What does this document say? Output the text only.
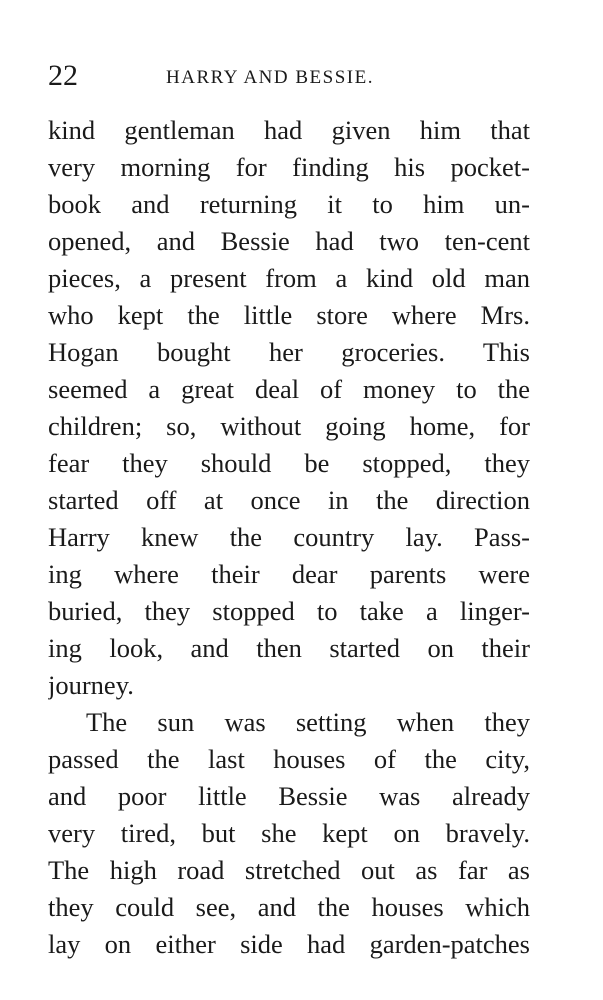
22	HARRY AND BESSIE.
kind gentleman had given him that
very morning for finding his pocket-
book and returning it to him un-
opened, and Bessie had two ten-cent
pieces, a present from a kind old man
who kept the little store where Mrs.
Hogan bought her groceries. This
seemed a great deal of money to the
children; so, without going home, for
fear they should be stopped, they
started off at once in the direction
Harry knew the country lay. Pass-
ing where their dear parents were
buried, they stopped to take a linger-
ing look, and then started on their
journey.
The sun was setting when they
passed the last houses of the city,
and poor little Bessie was already
very tired, but she kept on bravely.
The high road stretched out as far as
they could see, and the houses which
lay on either side had garden-patches
